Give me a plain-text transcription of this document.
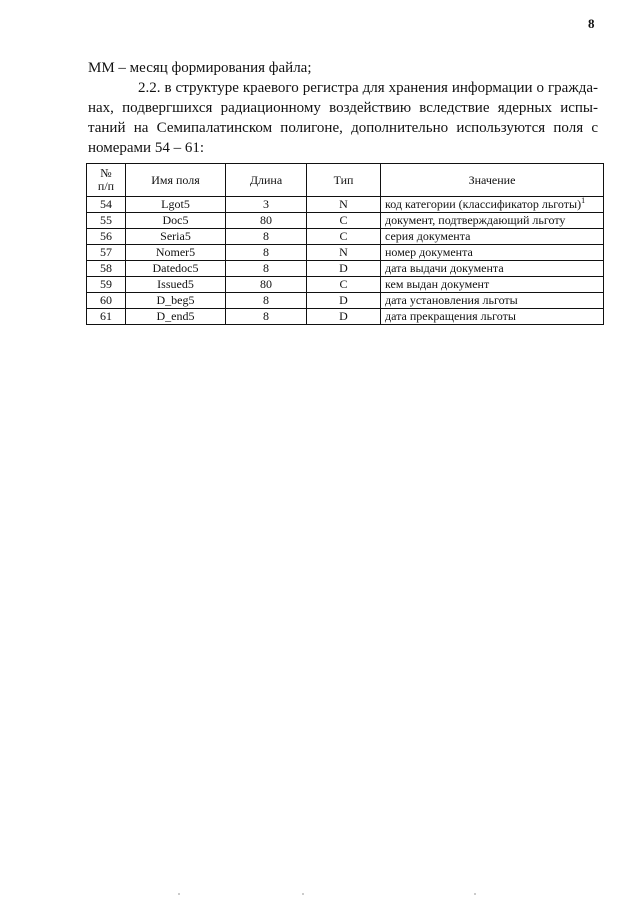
8
ММ – месяц формирования файла;
2.2. в структуре краевого регистра для хранения информации о гражда-
нах, подвергшихся радиационному воздействию вследствие ядерных испы-
таний на Семипалатинском полигоне, дополнительно используются поля с
номерами 54 – 61:
№
п/п	Имя поля	Длина	Тип	Значение
54	Lgot5	3	N	код категории (классификатор льготы)$^1$
55	Doc5	80	C	документ, подтверждающий льготу
56	Seria5	8	C	серия документа
57	Nomer5	8	N	номер документа
58	Datedoc5	8	D	дата выдачи документа
59	Issued5	80	C	кем выдан документ
60	D_beg5	8	D	дата установления льготы
61	D_end5	8	D	дата прекращения льготы
